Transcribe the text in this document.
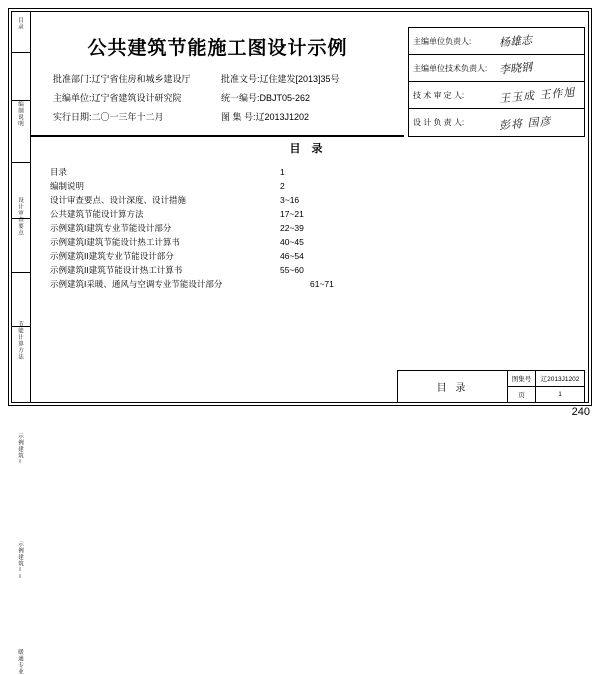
目录
编制说明
设计审查要点
节能计算方法
示例建筑I
示例建筑II
暖通专业
公共建筑节能施工图设计示例
批准部门:辽宁省住房和城乡建设厅	批准文号:辽住建发[2013]35号
主编单位:辽宁省建筑设计研究院	统一编号:DBJT05-262
实行日期:二〇一三年十二月	图 集 号:辽2013J1202
主编单位负责人:	杨雄志
主编单位技术负责人:	李晓钢
技 术 审 定 人:	王玉成 王作旭
设 计 负 责 人:	彭将 国彦
目 录
目录	1
编制说明	2
设计审查要点、设计深度、设计措施	3~16
公共建筑节能设计算方法	17~21
示例建筑I建筑专业节能设计部分	22~39
示例建筑I建筑节能设计热工计算书	40~45
示例建筑II建筑专业节能设计部分	46~54
示例建筑II建筑节能设计热工计算书	55~60
示例建筑I采暖、通风与空调专业节能设计部分	61~71
目 录
图集号	辽2013J1202
页	1
240
